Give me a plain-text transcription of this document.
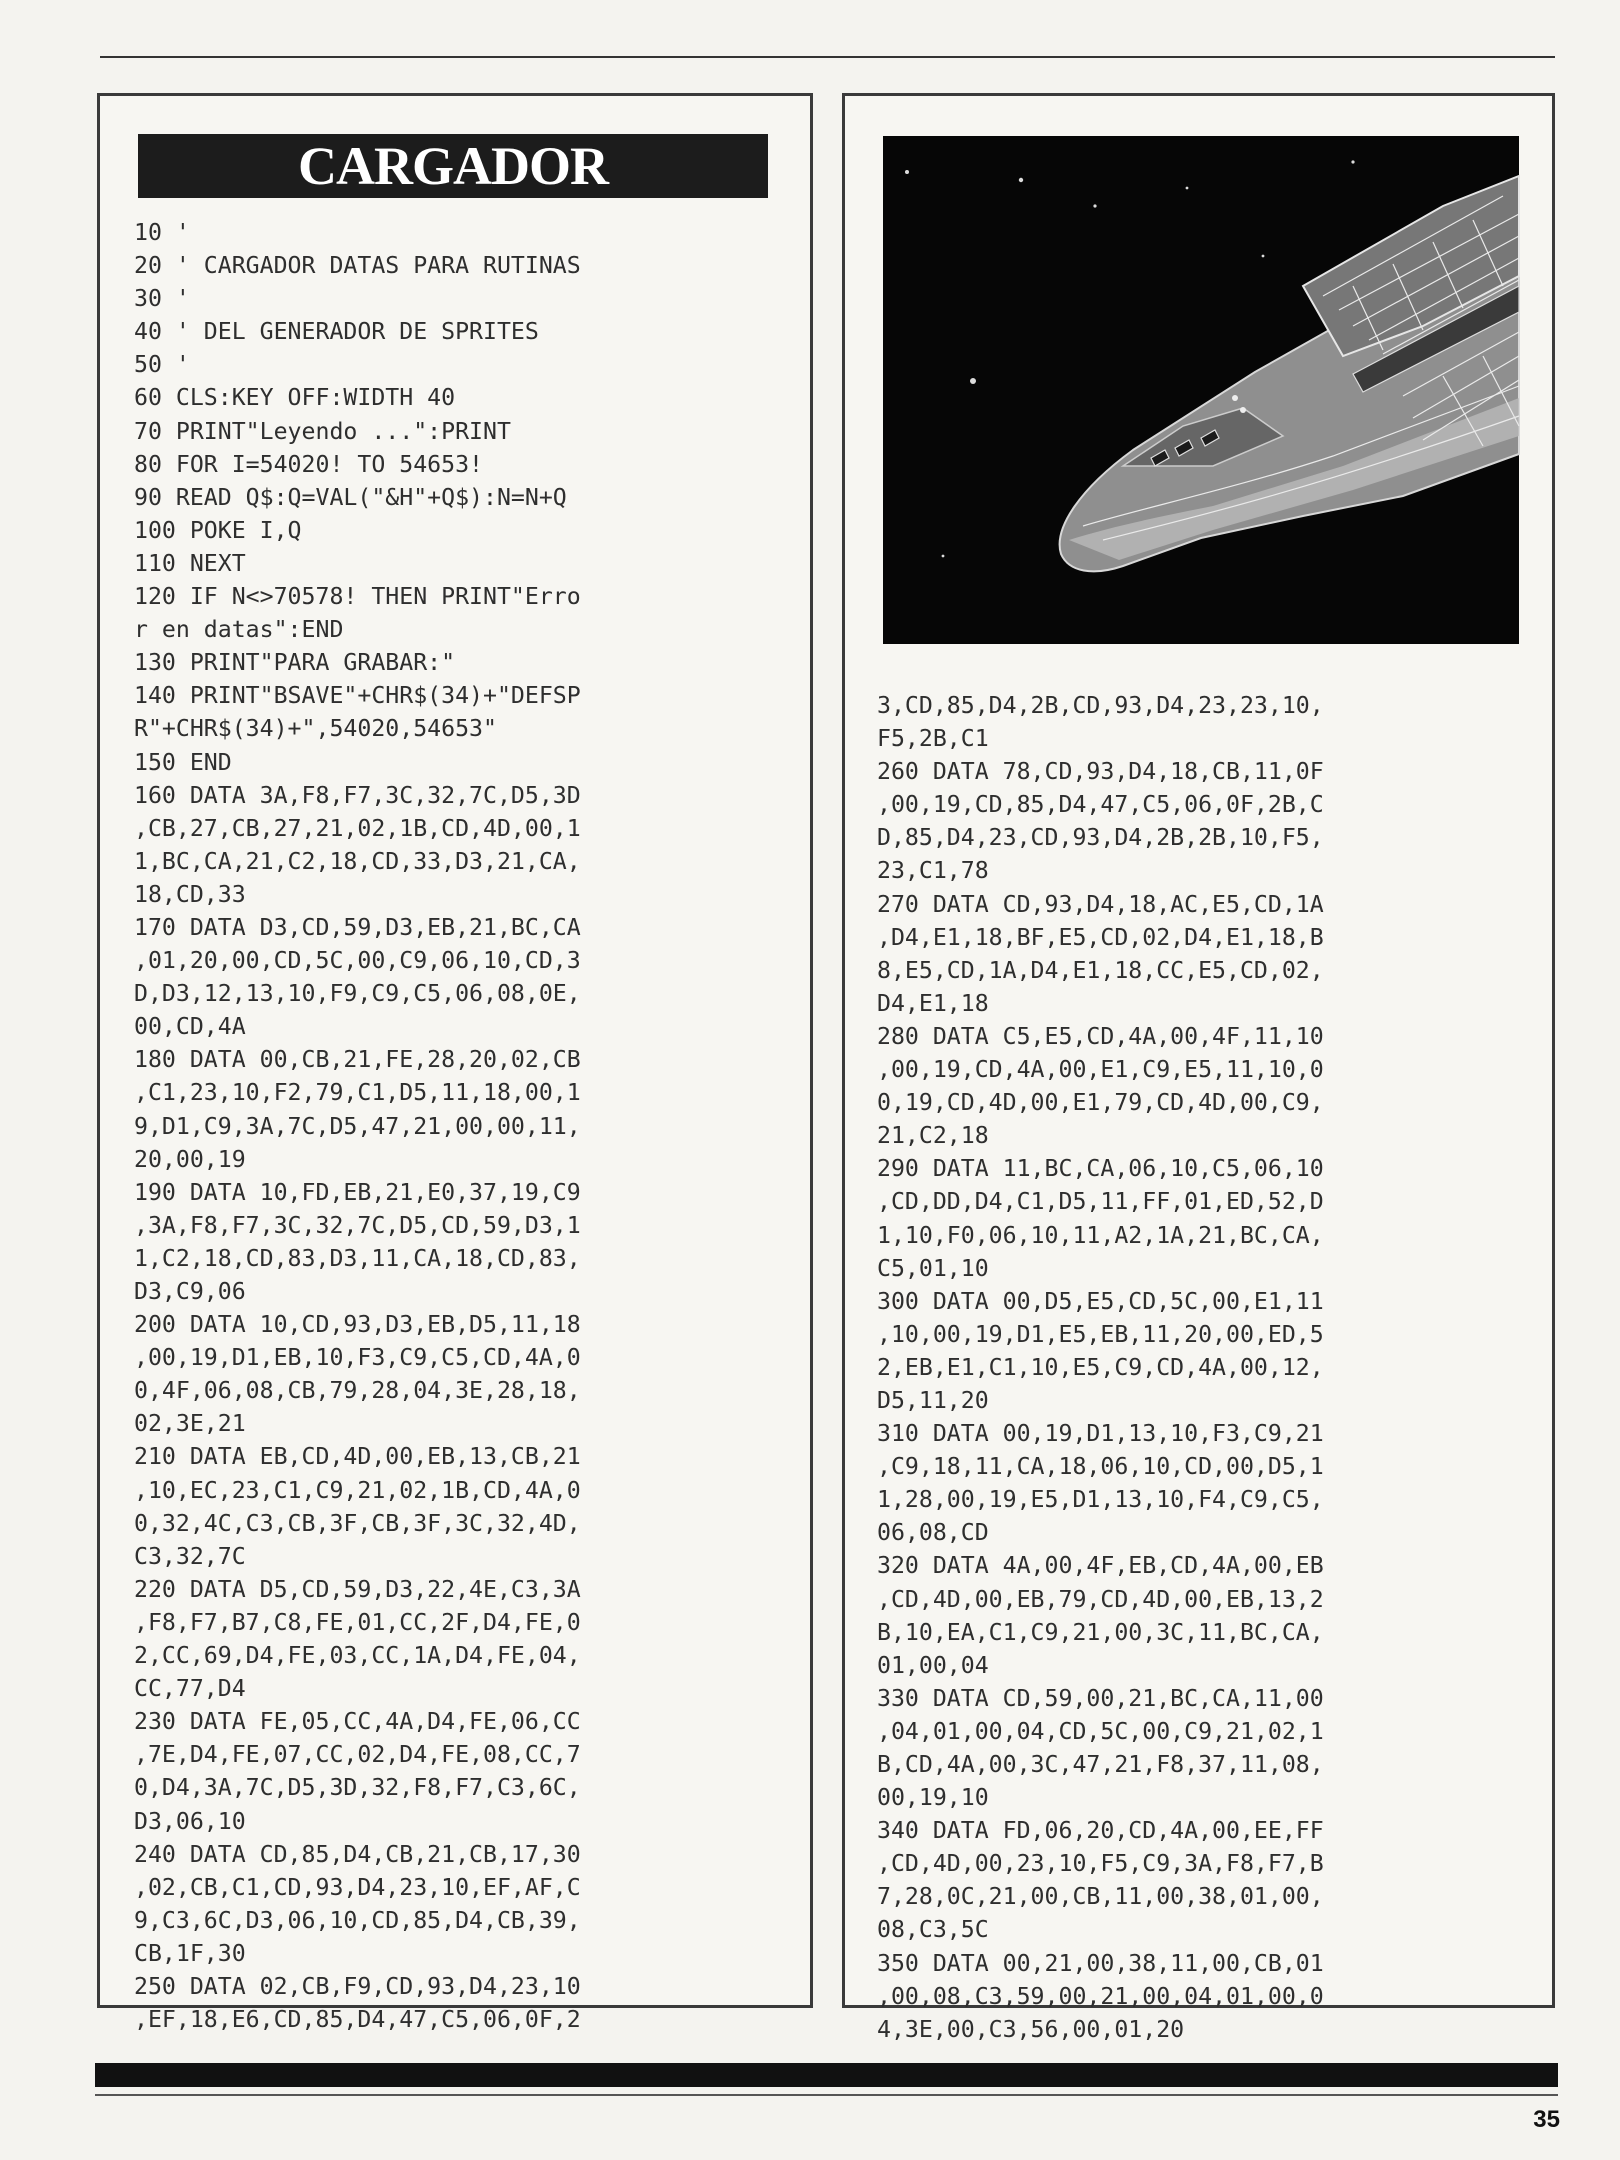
CARGADOR
10 '
20 ' CARGADOR DATAS PARA RUTINAS
30 '
40 ' DEL GENERADOR DE SPRITES
50 '
60 CLS:KEY OFF:WIDTH 40
70 PRINT"Leyendo ...":PRINT
80 FOR I=54020! TO 54653!
90 READ Q$:Q=VAL("&H"+Q$):N=N+Q
100 POKE I,Q
110 NEXT
120 IF N<>70578! THEN PRINT"Erro
r en datas":END
130 PRINT"PARA GRABAR:"
140 PRINT"BSAVE"+CHR$(34)+"DEFSP
R"+CHR$(34)+",54020,54653"
150 END
160 DATA 3A,F8,F7,3C,32,7C,D5,3D
,CB,27,CB,27,21,02,1B,CD,4D,00,1
1,BC,CA,21,C2,18,CD,33,D3,21,CA,
18,CD,33
170 DATA D3,CD,59,D3,EB,21,BC,CA
,01,20,00,CD,5C,00,C9,06,10,CD,3
D,D3,12,13,10,F9,C9,C5,06,08,0E,
00,CD,4A
180 DATA 00,CB,21,FE,28,20,02,CB
,C1,23,10,F2,79,C1,D5,11,18,00,1
9,D1,C9,3A,7C,D5,47,21,00,00,11,
20,00,19
190 DATA 10,FD,EB,21,E0,37,19,C9
,3A,F8,F7,3C,32,7C,D5,CD,59,D3,1
1,C2,18,CD,83,D3,11,CA,18,CD,83,
D3,C9,06
200 DATA 10,CD,93,D3,EB,D5,11,18
,00,19,D1,EB,10,F3,C9,C5,CD,4A,0
0,4F,06,08,CB,79,28,04,3E,28,18,
02,3E,21
210 DATA EB,CD,4D,00,EB,13,CB,21
,10,EC,23,C1,C9,21,02,1B,CD,4A,0
0,32,4C,C3,CB,3F,CB,3F,3C,32,4D,
C3,32,7C
220 DATA D5,CD,59,D3,22,4E,C3,3A
,F8,F7,B7,C8,FE,01,CC,2F,D4,FE,0
2,CC,69,D4,FE,03,CC,1A,D4,FE,04,
CC,77,D4
230 DATA FE,05,CC,4A,D4,FE,06,CC
,7E,D4,FE,07,CC,02,D4,FE,08,CC,7
0,D4,3A,7C,D5,3D,32,F8,F7,C3,6C,
D3,06,10
240 DATA CD,85,D4,CB,21,CB,17,30
,02,CB,C1,CD,93,D4,23,10,EF,AF,C
9,C3,6C,D3,06,10,CD,85,D4,CB,39,
CB,1F,30
250 DATA 02,CB,F9,CD,93,D4,23,10
,EF,18,E6,CD,85,D4,47,C5,06,0F,2
3,CD,85,D4,2B,CD,93,D4,23,23,10,
F5,2B,C1
260 DATA 78,CD,93,D4,18,CB,11,0F
,00,19,CD,85,D4,47,C5,06,0F,2B,C
D,85,D4,23,CD,93,D4,2B,2B,10,F5,
23,C1,78
270 DATA CD,93,D4,18,AC,E5,CD,1A
,D4,E1,18,BF,E5,CD,02,D4,E1,18,B
8,E5,CD,1A,D4,E1,18,CC,E5,CD,02,
D4,E1,18
280 DATA C5,E5,CD,4A,00,4F,11,10
,00,19,CD,4A,00,E1,C9,E5,11,10,0
0,19,CD,4D,00,E1,79,CD,4D,00,C9,
21,C2,18
290 DATA 11,BC,CA,06,10,C5,06,10
,CD,DD,D4,C1,D5,11,FF,01,ED,52,D
1,10,F0,06,10,11,A2,1A,21,BC,CA,
C5,01,10
300 DATA 00,D5,E5,CD,5C,00,E1,11
,10,00,19,D1,E5,EB,11,20,00,ED,5
2,EB,E1,C1,10,E5,C9,CD,4A,00,12,
D5,11,20
310 DATA 00,19,D1,13,10,F3,C9,21
,C9,18,11,CA,18,06,10,CD,00,D5,1
1,28,00,19,E5,D1,13,10,F4,C9,C5,
06,08,CD
320 DATA 4A,00,4F,EB,CD,4A,00,EB
,CD,4D,00,EB,79,CD,4D,00,EB,13,2
B,10,EA,C1,C9,21,00,3C,11,BC,CA,
01,00,04
330 DATA CD,59,00,21,BC,CA,11,00
,04,01,00,04,CD,5C,00,C9,21,02,1
B,CD,4A,00,3C,47,21,F8,37,11,08,
00,19,10
340 DATA FD,06,20,CD,4A,00,EE,FF
,CD,4D,00,23,10,F5,C9,3A,F8,F7,B
7,28,0C,21,00,CB,11,00,38,01,00,
08,C3,5C
350 DATA 00,21,00,38,11,00,CB,01
,00,08,C3,59,00,21,00,04,01,00,0
4,3E,00,C3,56,00,01,20
35
